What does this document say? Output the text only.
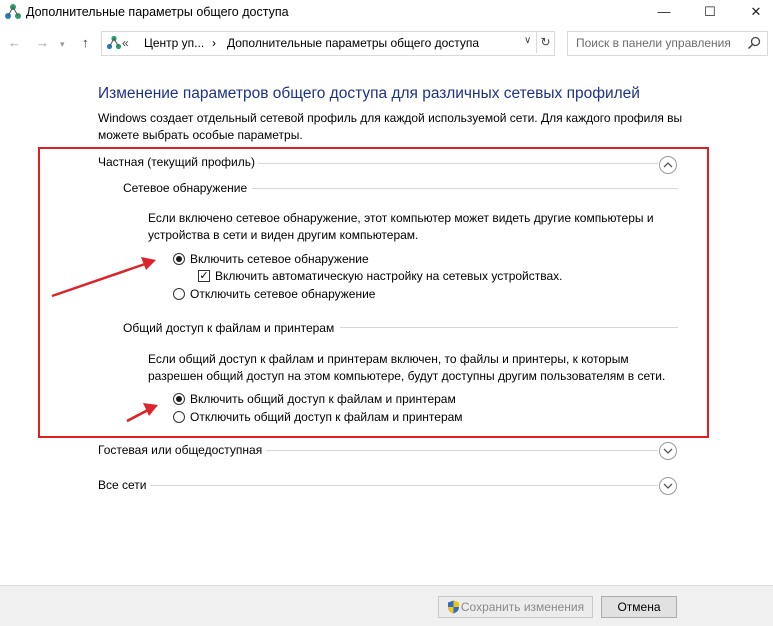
Дополнительные параметры общего доступа	—	☐	✕
← → ▾ ↑	« Центр уп... › Дополнительные параметры общего доступа	∨ ↻ Поиск в панели управления
Изменение параметров общего доступа для различных сетевых профилей
Windows создает отдельный сетевой профиль для каждой используемой сети. Для каждого профиля вы можете выбрать особые параметры.
Частная (текущий профиль)
Сетевое обнаружение
Если включено сетевое обнаружение, этот компьютер может видеть другие компьютеры и устройства в сети и виден другим компьютерам.
Включить сетевое обнаружение
✓ Включить автоматическую настройку на сетевых устройствах.
Отключить сетевое обнаружение
Общий доступ к файлам и принтерам
Если общий доступ к файлам и принтерам включен, то файлы и принтеры, к которым разрешен общий доступ на этом компьютере, будут доступны другим пользователям в сети.
Включить общий доступ к файлам и принтерам
Отключить общий доступ к файлам и принтерам
Гостевая или общедоступная
Все сети
Сохранить изменения	Отмена
